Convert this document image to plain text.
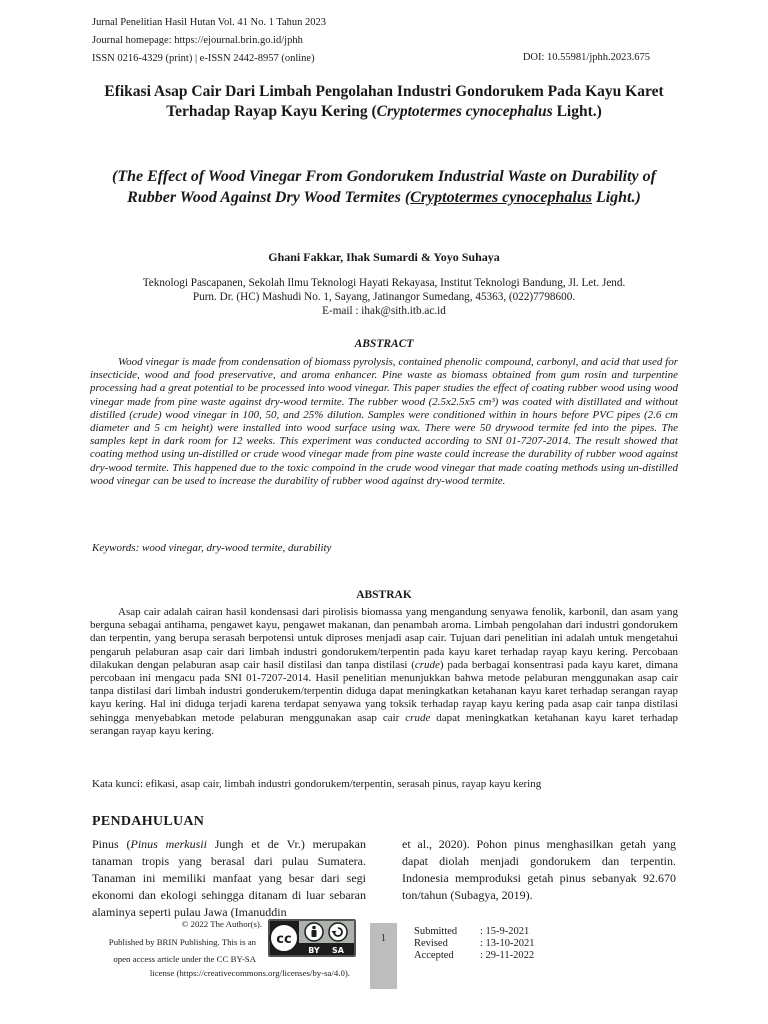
Jurnal Penelitian Hasil Hutan Vol. 41 No. 1 Tahun 2023
Journal homepage: https://ejournal.brin.go.id/jphh
ISSN 0216-4329 (print) | e-ISSN 2442-8957 (online)	DOI: 10.55981/jphh.2023.675
Efikasi Asap Cair Dari Limbah Pengolahan Industri Gondorukem Pada Kayu Karet Terhadap Rayap Kayu Kering (Cryptotermes cynocephalus Light.)
(The Effect of Wood Vinegar From Gondorukem Industrial Waste on Durability of Rubber Wood Against Dry Wood Termites (Cryptotermes cynocephalus Light.)
Ghani Fakkar, Ihak Sumardi & Yoyo Suhaya
Teknologi Pascapanen, Sekolah Ilmu Teknologi Hayati Rekayasa, Institut Teknologi Bandung, Jl. Let. Jend.
Purn. Dr. (HC) Mashudi No. 1, Sayang, Jatinangor Sumedang, 45363, (022)7798600.
E-mail : ihak@sith.itb.ac.id
ABSTRACT

Wood vinegar is made from condensation of biomass pyrolysis, contained phenolic compound, carbonyl, and acid that used for insecticide, wood and food preservative, and aroma enhancer. Pine waste as biomass obtained from gum rosin and turpentine processing had a great potential to be processed into wood vinegar. This paper studies the effect of coating rubber wood using wood vinegar made from pine waste against dry-wood termite. The rubber wood (2.5x2.5x5 cm³) was coated with distillated and without distilled (crude) wood vinegar in 100, 50, and 25% dilution. Samples were conditioned within in hours before PVC pipes (2.6 cm diameter and 5 cm height) were installed into wood surface using wax. There were 50 drywood termite fed into the pipes. The samples kept in dark room for 12 weeks. This experiment was conducted according to SNI 01-7207-2014. The result showed that coating method using un-distilled or crude wood vinegar made from pine waste could increase the durability of rubber wood against dry-wood termite. This happened due to the toxic compoind in the crude wood vinegar that made coating methods using un-distilled wood vinegar can be used to increase the durability of rubber wood against dry-wood termite.

Keywords: wood vinegar, dry-wood termite, durability
ABSTRAK

Asap cair adalah cairan hasil kondensasi dari pirolisis biomassa yang mengandung senyawa fenolik, karbonil, dan asam yang berguna sebagai antihama, pengawet kayu, pengawet makanan, dan penambah aroma. Limbah pengolahan dari industri gondorukem dan terpentin, yang berupa serasah berpotensi untuk diproses menjadi asap cair. Tujuan dari penelitian ini adalah untuk mengetahui pengaruh pelaburan asap cair dari limbah industri gondorukem/terpentin pada kayu karet terhadap rayap kayu kering. Percobaan dilakukan dengan pelaburan asap cair hasil distilasi dan tanpa distilasi (crude) pada berbagai konsentrasi pada kayu karet, dimana percobaan ini mengacu pada SNI 01-7207-2014. Hasil penelitian menunjukkan bahwa metode pelaburan menggunakan asap cair tanpa distilasi dari limbah industri gonderukem/terpentin diduga dapat meningkatkan ketahanan kayu karet terhadap serangan rayap kayu kering. Hal ini diduga terjadi karena terdapat senyawa yang toksik terhadap rayap kayu kering pada asap cair tanpa distilasi sehingga menyebabkan metode pelaburan menggunakan asap cair crude dapat meningkatkan ketahanan kayu karet terhadap serangan rayap kayu kering.

Kata kunci: efikasi, asap cair, limbah industri gondorukem/terpentin, serasah pinus, rayap kayu kering
PENDAHULUAN
Pinus (Pinus merkusii Jungh et de Vr.) merupakan tanaman tropis yang berasal dari pulau Sumatera. Tanaman ini memiliki manfaat yang besar dari segi ekonomi dan ekologi sehingga ditanam di luar sebaran alaminya seperti pulau Jawa (Imanuddin
et al., 2020). Pohon pinus menghasilkan getah yang dapat diolah menjadi gondorukem dan terpentin. Indonesia memproduksi getah pinus sebanyak 92.670 ton/tahun (Subagya, 2019).
© 2022 The Author(s).
Published by BRIN Publishing. This is an
open access article under the CC BY-SA
license (https://creativecommons.org/licenses/by-sa/4.0).
cc
BY SA
1
Submitted : 15-9-2021
Revised	: 13-10-2021
Accepted	: 29-11-2022
